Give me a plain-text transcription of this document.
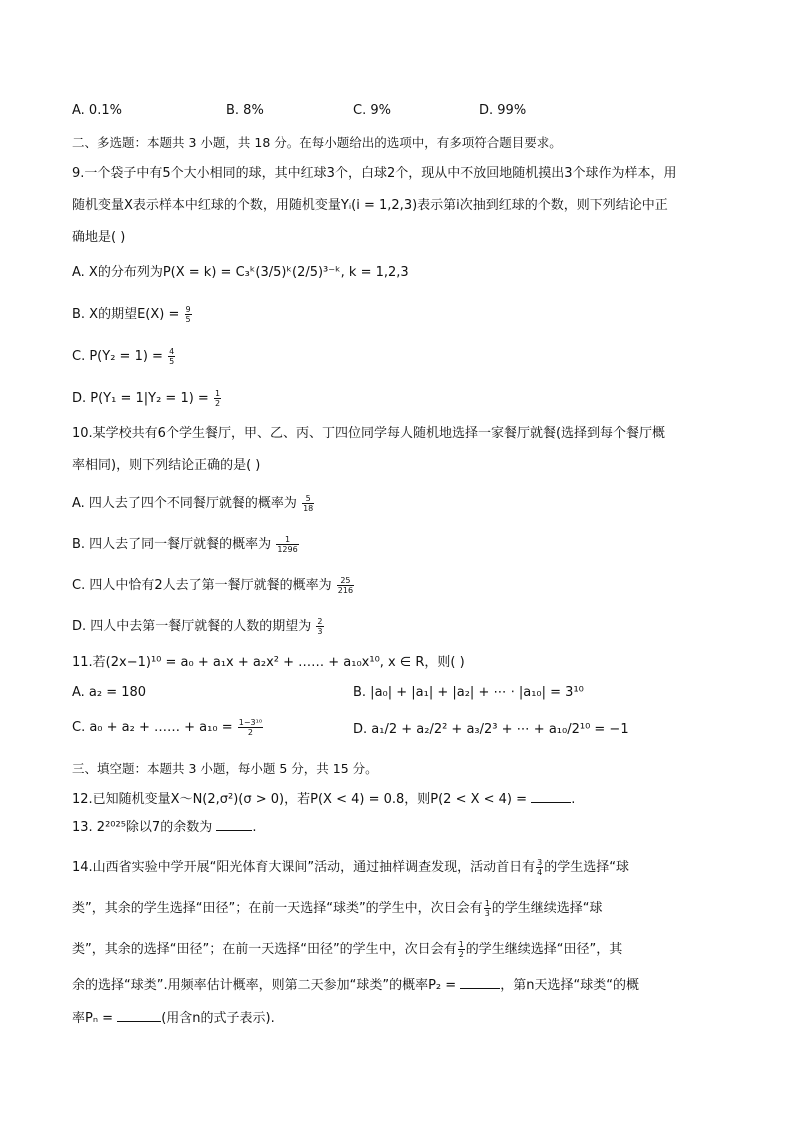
A. 0.1%	B. 8%	C. 9%	D. 99%
二、多选题：本题共 3 小题，共 18 分。在每小题给出的选项中，有多项符合题目要求。
9.一个袋子中有5个大小相同的球，其中红球3个，白球2个，现从中不放回地随机摸出3个球作为样本，用
随机变量X表示样本中红球的个数，用随机变量Yᵢ(i = 1,2,3)表示第i次抽到红球的个数，则下列结论中正
确地是( )
A. X的分布列为P(X = k) = C₃ᵏ(3/5)ᵏ(2/5)³⁻ᵏ, k = 1,2,3
B. X的期望$E(X) = \frac{9}{5}$
C. $P(Y_2 = 1) = \frac{4}{5}$
D. $P(Y_1 = 1|Y_2 = 1) = \frac{1}{2}$
10.某学校共有6个学生餐厅，甲、乙、丙、丁四位同学每人随机地选择一家餐厅就餐(选择到每个餐厅概
率相同)，则下列结论正确的是( )
A. 四人去了四个不同餐厅就餐的概率为 $\frac{5}{18}$
B. 四人去了同一餐厅就餐的概率为 $\frac{1}{1296}$
C. 四人中恰有2人去了第一餐厅就餐的概率为 $\frac{25}{216}$
D. 四人中去第一餐厅就餐的人数的期望为 $\frac{2}{3}$
11.若(2x−1)¹⁰ = a₀ + a₁x + a₂x² + …… + a₁₀x¹⁰, x ∈ R，则( )
A. a₂ = 180	B. |a₀| + |a₁| + |a₂| + ⋯ ⋅ |a₁₀| = 3¹⁰
C. a₀ + a₂ + …… + $a_{10} = \frac{\text{1−3¹⁰}}{2}$	D. a₁/2 + a₂/2² + a₃/2³ + ⋯ + a₁₀/2¹⁰ = −1
三、填空题：本题共 3 小题，每小题 5 分，共 15 分。
12.已知随机变量X～N(2,σ²)(σ > 0)，若P(X < 4) = 0.8，则P(2 < X < 4) =	.
13. 2²⁰²⁵除以7的余数为	.
14.山西省实验中学开展“阳光体育大课间”活动，通过抽样调查发现，活动首日有 $\frac{3}{4}$ 的学生选择“球
类”，其余的学生选择“田径”；在前一天选择“球类”的学生中，次日会有 $\frac{1}{3}$ 的学生继续选择“球
类”，其余的选择“田径”；在前一天选择“田径”的学生中，次日会有 $\frac{1}{2}$ 的学生继续选择“田径”，其
余的选择“球类”.用频率估计概率，则第二天参加“球类”的概率P₂ =	，第n天选择“球类“的概
率Pₙ =	(用含n的式子表示).
